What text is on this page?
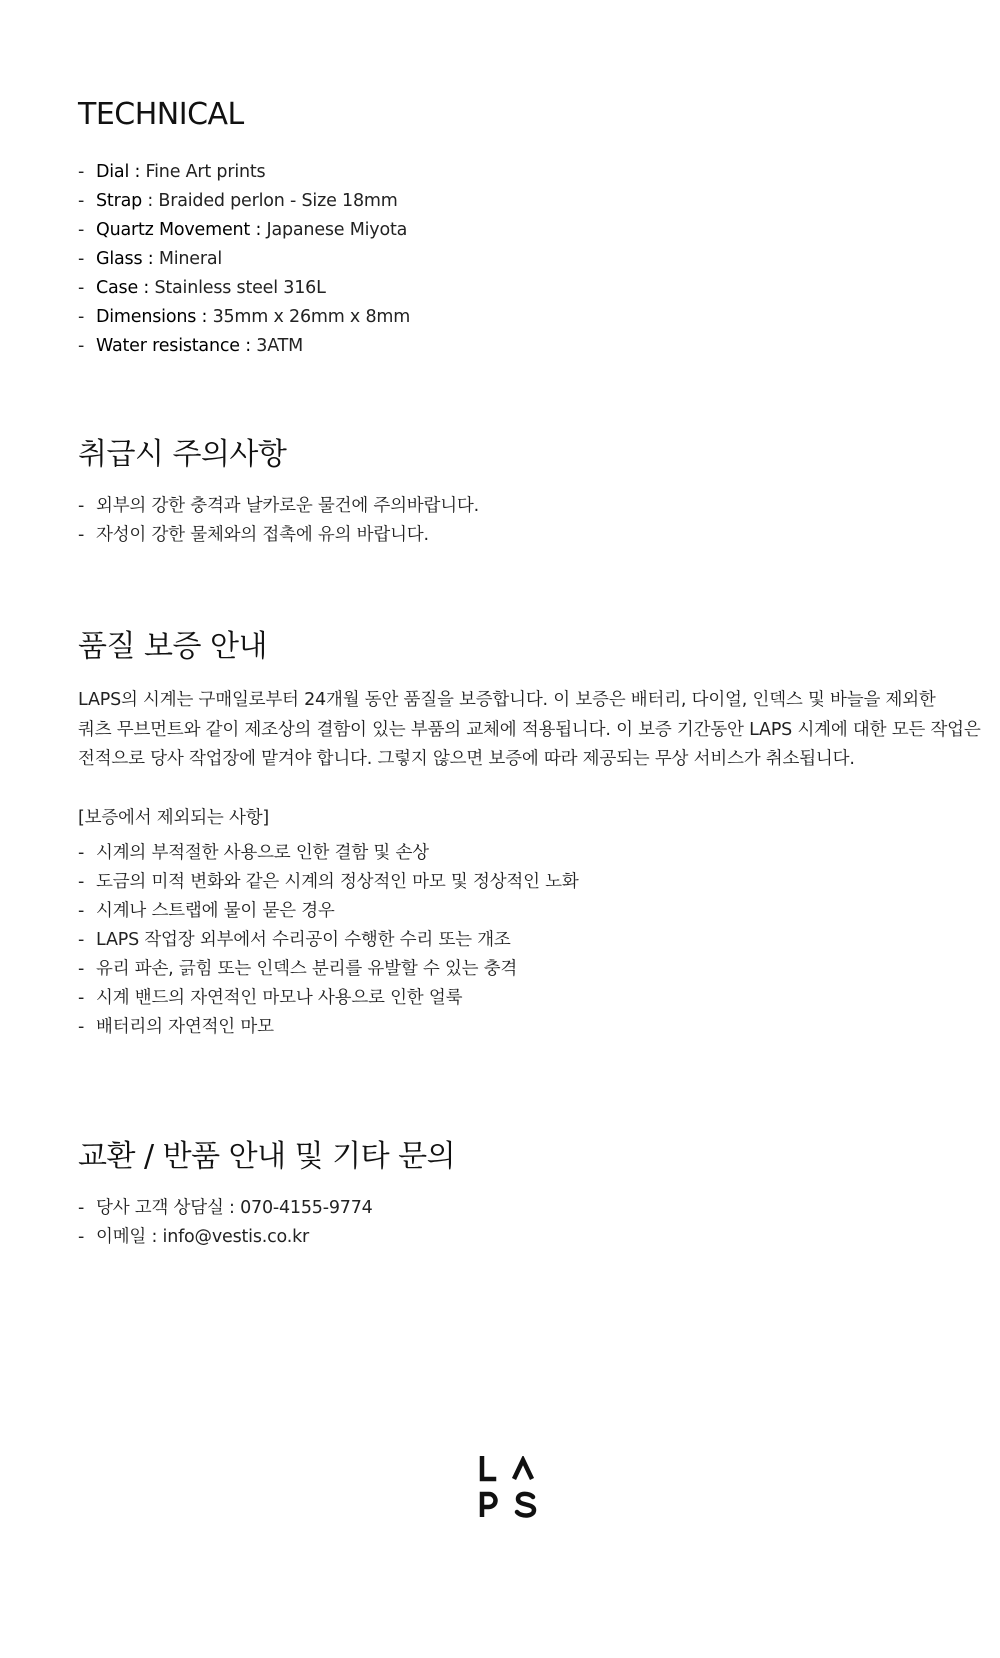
TECHNICAL
- Dial : Fine Art prints
- Strap : Braided perlon - Size 18mm
- Quartz Movement : Japanese Miyota
- Glass : Mineral
- Case : Stainless steel 316L
- Dimensions : 35mm x 26mm x 8mm
- Water resistance : 3ATM
취급시 주의사항
- 외부의 강한 충격과 날카로운 물건에 주의바랍니다.
- 자성이 강한 물체와의 접촉에 유의 바랍니다.
품질 보증 안내

LAPS의 시계는 구매일로부터 24개월 동안 품질을 보증합니다. 이 보증은 배터리, 다이얼, 인덱스 및 바늘을 제외한
쿼츠 무브먼트와 같이 제조상의 결함이 있는 부품의 교체에 적용됩니다. 이 보증 기간동안 LAPS 시계에 대한 모든 작업은
전적으로 당사 작업장에 맡겨야 합니다. 그렇지 않으면 보증에 따라 제공되는 무상 서비스가 취소됩니다.

[보증에서 제외되는 사항]
- 시계의 부적절한 사용으로 인한 결함 및 손상
- 도금의 미적 변화와 같은 시계의 정상적인 마모 및 정상적인 노화
- 시계나 스트랩에 물이 묻은 경우
- LAPS 작업장 외부에서 수리공이 수행한 수리 또는 개조
- 유리 파손, 긁힘 또는 인덱스 분리를 유발할 수 있는 충격
- 시계 밴드의 자연적인 마모나 사용으로 인한 얼룩
- 배터리의 자연적인 마모
교환 / 반품 안내 및 기타 문의
- 당사 고객 상담실 : 070-4155-9774
- 이메일 : info@vestis.co.kr
